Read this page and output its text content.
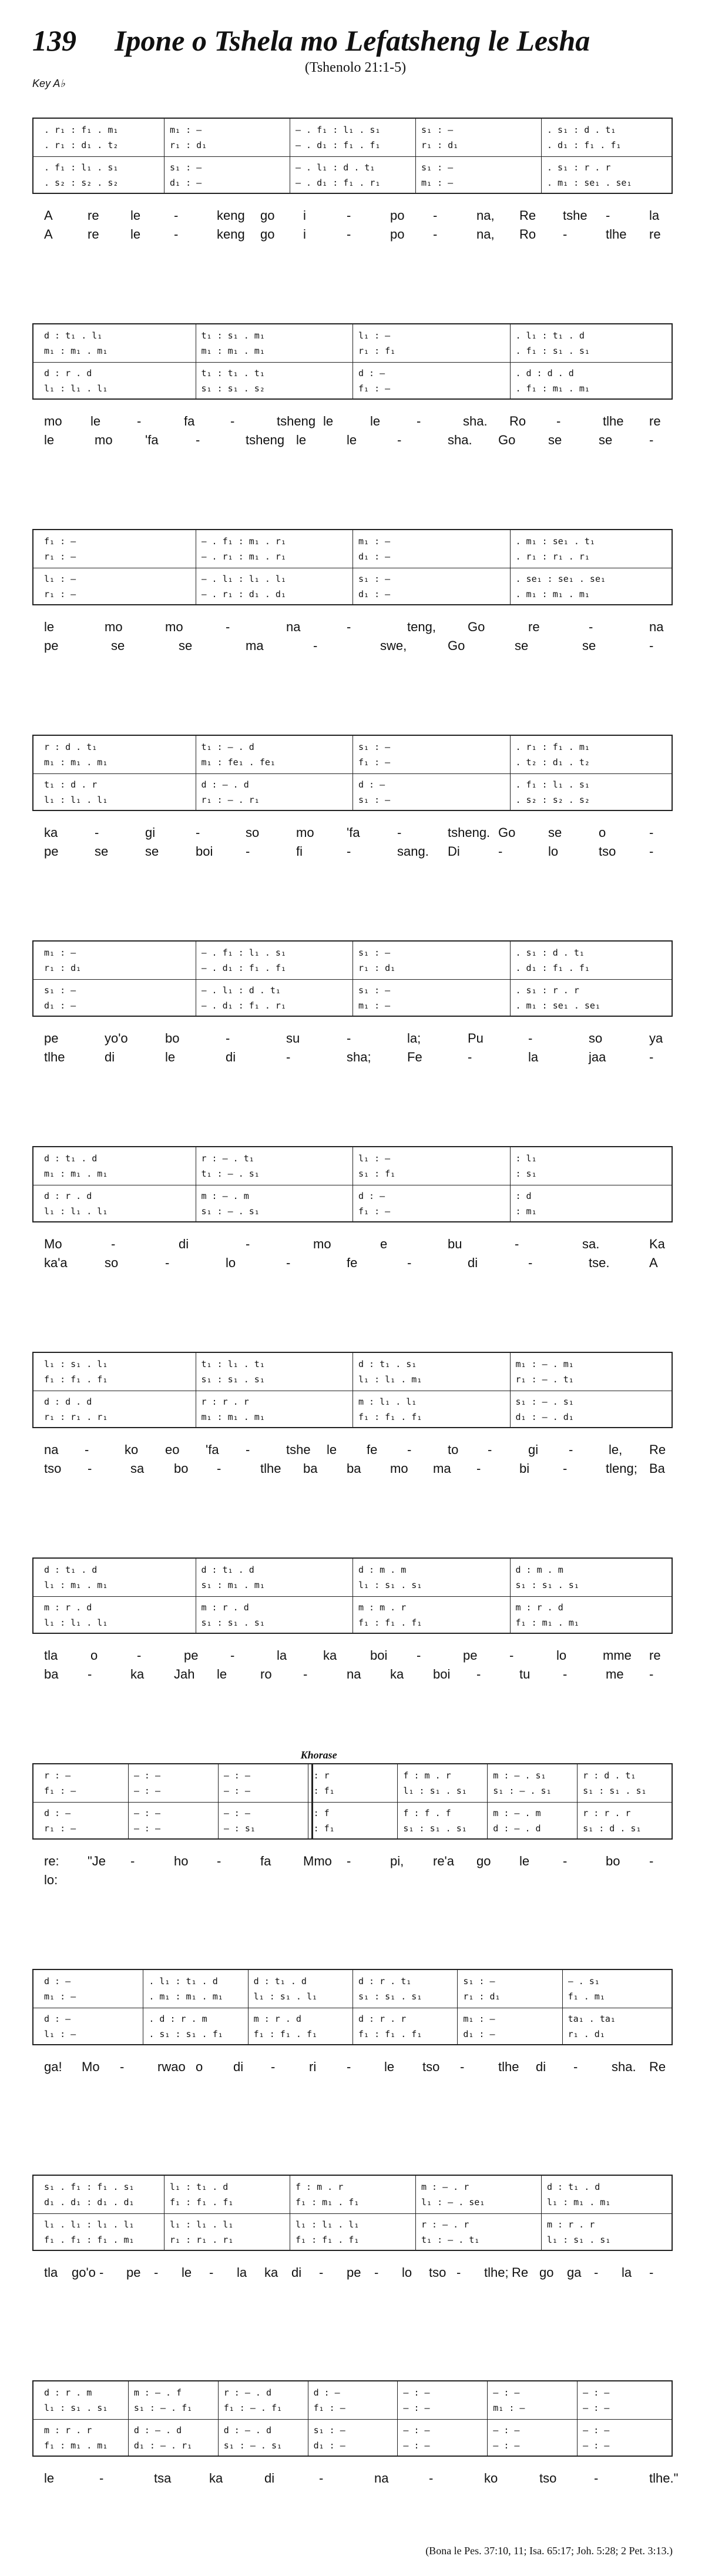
139 Ipone o Tshela mo Lefatsheng le Lesha
(Tshenolo 21:1-5)
Key A♭
. r₁ : f₁ . m₁	m₁ : —	— . f₁ : l₁ . s₁	s₁ : —	. s₁ : d . t₁
. r₁ : d₁ . t₂	r₁ : d₁	— . d₁ : f₁ . f₁	r₁ : d₁	. d₁ : f₁ . f₁
. f₁ : l₁ . s₁	s₁ : —	— . l₁ : d . t₁	s₁ : —	. s₁ : r . r
. s₂ : s₂ . s₂	d₁ : —	— . d₁ : f₁ . r₁	m₁ : —	. m₁ : se₁ . se₁
A	re le	-	keng go i	-	po -	na, Re tshe -	la
A	re le	-	keng go i	-	po -	na, Ro -	tlhe re
d : t₁ . l₁	t₁ : s₁ . m₁	l₁ : —	. l₁ : t₁ . d
m₁ : m₁ . m₁	m₁ : m₁ . m₁	r₁ : f₁	. f₁ : s₁ . s₁
d : r . d	t₁ : t₁ . t₁	d : —	. d : d . d
l₁ : l₁ . l₁	s₁ : s₁ . s₂	f₁ : —	. f₁ : m₁ . m₁
mo le	-	fa	-	tsheng le	le	-	sha. Ro -	tlhe re
le	mo	'fa	-	tsheng le	le	-	sha. Go	se	se	-
f₁ : —	— . f₁ : m₁ . r₁	m₁ : —	. m₁ : se₁ . t₁
r₁ : —	— . r₁ : m₁ . r₁	d₁ : —	. r₁ : r₁ . r₁
l₁ : —	— . l₁ : l₁ . l₁	s₁ : —	. se₁ : se₁ . se₁
r₁ : —	— . r₁ : d₁ . d₁	d₁ : —	. m₁ : m₁ . m₁
le	mo	mo	-	na	-	teng, Go	re	-	na
pe	se	se	ma	-	swe,	Go	se	se	-
r : d . t₁	t₁ : — . d	s₁ : —	. r₁ : f₁ . m₁
m₁ : m₁ . m₁	m₁ : fe₁ . fe₁	f₁ : —	. t₂ : d₁ . t₂
t₁ : d . r	d : — . d	d : —	. f₁ : l₁ . s₁
l₁ : l₁ . l₁	r₁ : — . r₁	s₁ : —	. s₂ : s₂ . s₂
ka	-	gi	-	so	mo	'fa	-	tsheng. Go	se	o	-
pe	se	se	boi	-	fi	-	sang. Di	-	lo	tso	-
m₁ : —	— . f₁ : l₁ . s₁	s₁ : —	. s₁ : d . t₁
r₁ : d₁	— . d₁ : f₁ . f₁	r₁ : d₁	. d₁ : f₁ . f₁
s₁ : —	— . l₁ : d . t₁	s₁ : —	. s₁ : r . r
d₁ : —	— . d₁ : f₁ . r₁	m₁ : —	. m₁ : se₁ . se₁
pe	yo'o	bo	-	su	-	la;	Pu	-	so	ya
tlhe	di	le	di	-	sha;	Fe	-	la	jaa	-
d : t₁ . d	r : — . t₁	l₁ : —	: l₁
m₁ : m₁ . m₁	t₁ : — . s₁	s₁ : f₁	: s₁
d : r . d	m : — . m	d : —	: d
l₁ : l₁ . l₁	s₁ : — . s₁	f₁ : —	: m₁
Mo	-	di	-	mo	e	bu	-	sa.	Ka
ka'a	so	-	lo	-	fe	-	di	-	tse.	A
l₁ : s₁ . l₁	t₁ : l₁ . t₁	d : t₁ . s₁	m₁ : — . m₁
f₁ : f₁ . f₁	s₁ : s₁ . s₁	l₁ : l₁ . m₁	r₁ : — . t₁
d : d . d	r : r . r	m : l₁ . l₁	s₁ : — . s₁
r₁ : r₁ . r₁	m₁ : m₁ . m₁	f₁ : f₁ . f₁	d₁ : — . d₁
na -	ko eo 'fa -	tshe le fe -	to -	gi -	le, Re
tso -	sa bo -	tlhe ba ba mo ma -	bi	-	tleng; Ba
d : t₁ . d	d : t₁ . d	d : m . m	d : m . m
l₁ : m₁ . m₁	s₁ : m₁ . m₁	l₁ : s₁ . s₁	s₁ : s₁ . s₁
m : r . d	m : r . d	m : m . r	m : r . d
l₁ : l₁ . l₁	s₁ : s₁ . s₁	f₁ : f₁ . f₁	f₁ : m₁ . m₁
tla	o	-	pe -	la	ka	boi -	pe -	lo	mme re
ba -	ka Jah le	ro -	na ka boi -	tu	-	me -
r : —	— : —	— : —	: r	f : m . r	m : — . s₁	r : d . t₁
f₁ : —	— : —	— : —	: f₁	l₁ : s₁ . s₁	s₁ : — . s₁	s₁ : s₁ . s₁
d : —	— : —	— : —	: f	f : f . f	m : — . m	r : r . r
r₁ : —	— : —	— : s₁	: f₁	s₁ : s₁ . s₁	d : — . d	s₁ : d . s₁
Khorase
re: "Je -	ho -	fa Mmo -	pi, re'a go le	-	bo -
lo:
d : —	. l₁ : t₁ . d	d : t₁ . d	d : r . t₁	s₁ : —	— . s₁
m₁ : —	. m₁ : m₁ . m₁	l₁ : s₁ . l₁	s₁ : s₁ . s₁	r₁ : d₁	f₁ . m₁
d : —	. d : r . m	m : r . d	d : r . r	m₁ : —	ta₁ . ta₁
l₁ : —	. s₁ : s₁ . f₁	f₁ : f₁ . f₁	f₁ : f₁ . f₁	d₁ : —	r₁ . d₁
ga! Mo -	rwao o di -	ri -	le tso -	tlhe di -	sha. Re
s₁ . f₁ : f₁ . s₁	l₁ : t₁ . d	f : m . r	m : — . r	d : t₁ . d
d₁ . d₁ : d₁ . d₁	f₁ : f₁ . f₁	f₁ : m₁ . f₁	l₁ : — . se₁	l₁ : m₁ . m₁
l₁ . l₁ : l₁ . l₁	l₁ : l₁ . l₁	l₁ : l₁ . l₁	r : — . r	m : r . r
f₁ . f₁ : f₁ . m₁	r₁ : r₁ . r₁	f₁ : f₁ . f₁	t₁ : — . t₁	l₁ : s₁ . s₁
tla go'o - pe - le - la ka di - pe - lo tso - tlhe; Re go ga - la -
d : r . m	m : — . f	r : — . d	d : —	— : —	— : —	— : —
l₁ : s₁ . s₁	s₁ : — . f₁	f₁ : — . f₁	f₁ : —	— : —	m₁ : —	— : —
m : r . r	d : — . d	d : — . d	s₁ : —	— : —	— : —	— : —
f₁ : m₁ . m₁	d₁ : — . r₁	s₁ : — . s₁	d₁ : —	— : —	— : —	— : —
le	-	tsa	ka	di	-	na	-	ko	tso	-	tlhe."
(Bona le Pes. 37:10, 11; Isa. 65:17; Joh. 5:28; 2 Pet. 3:13.)
